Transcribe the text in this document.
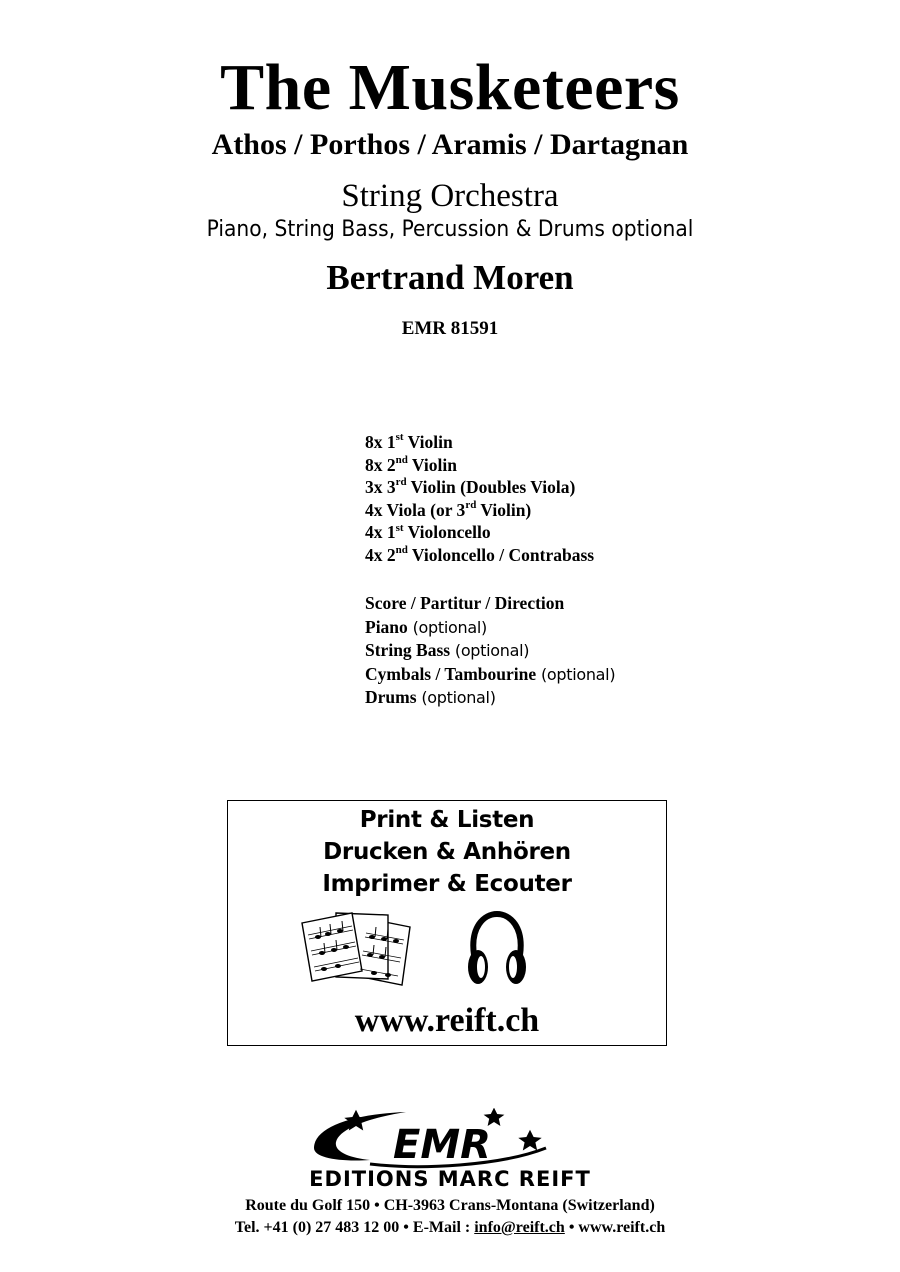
The Musketeers
Athos / Porthos / Aramis / Dartagnan
String Orchestra
Piano, String Bass, Percussion & Drums optional
Bertrand Moren
EMR 81591
8x 1st Violin
8x 2nd Violin
3x 3rd Violin (Doubles Viola)
4x Viola (or 3rd Violin)
4x 1st Violoncello
4x 2nd Violoncello / Contrabass
Score / Partitur / Direction
Piano (optional)
String Bass (optional)
Cymbals / Tambourine (optional)
Drums (optional)
Print & Listen
Drucken & Anhören
Imprimer & Ecouter
www.reift.ch
EMR
EDITIONS MARC REIFT
Route du Golf 150 • CH-3963 Crans-Montana (Switzerland)
Tel. +41 (0) 27 483 12 00 • E-Mail : info@reift.ch • www.reift.ch
